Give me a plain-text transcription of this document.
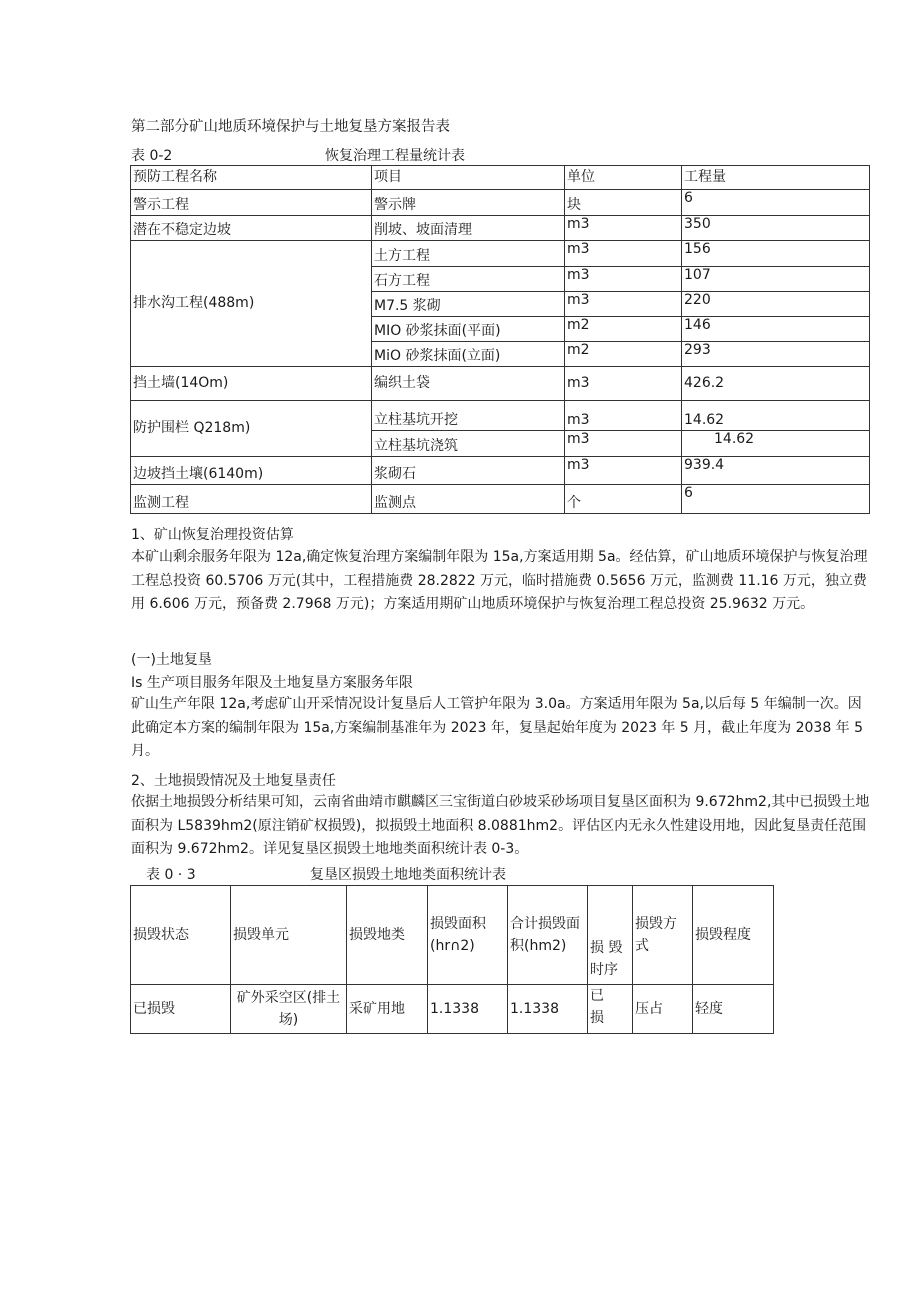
第二部分矿山地质环境保护与土地复垦方案报告表
表 0-2	恢复治理工程量统计表
预防工程名称	项目	单位	工程量
警示工程	警示牌	块	6
潜在不稳定边坡	削坡、坡面清理	m3	350
排水沟工程(488m)	土方工程	m3	156
	石方工程	m3	107
	M7.5 浆砌	m3	220
	MIO 砂浆抹面(平面)	m2	146
	MiO 砂浆抹面(立面)	m2	293
挡土墙(14Om)	编织土袋	m3	426.2
防护围栏 Q218m)	立柱基坑开挖	m3	14.62
	立柱基坑浇筑	m3	14.62
边坡挡土壤(6140m)	浆砌石	m3	939.4
监测工程	监测点	个	6
1、矿山恢复治理投资估算
本矿山剩余服务年限为 12a,确定恢复治理方案编制年限为 15a,方案适用期 5a。经估算，矿山地质环境保护与恢复治理工程总投资 60.5706 万元(其中，工程措施费 28.2822 万元，临时措施费 0.5656 万元，监测费 11.16 万元，独立费用 6.606 万元，预备费 2.7968 万元)；方案适用期矿山地质环境保护与恢复治理工程总投资 25.9632 万元。
(一)土地复垦
Is 生产项目服务年限及土地复垦方案服务年限
矿山生产年限 12a,考虑矿山开采情况设计复垦后人工管护年限为 3.0a。方案适用年限为 5a,以后每 5 年编制一次。因此确定本方案的编制年限为 15a,方案编制基准年为 2023 年，复垦起始年度为 2023 年 5 月，截止年度为 2038 年 5 月。
2、土地损毁情况及土地复垦责任
依据土地损毁分析结果可知，云南省曲靖市麒麟区三宝街道白砂坡采砂场项目复垦区面积为 9.672hm2,其中已损毁土地面积为 L5839hm2(原注销矿权损毁)，拟损毁土地面积 8.0881hm2。评估区内无永久性建设用地，因此复垦责任范围面积为 9.672hm2。详见复垦区损毁土地地类面积统计表 0-3。
表 0 · 3	复垦区损毁土地地类面积统计表
损毁状态	损毁单元	损毁地类	损毁面积(hr∩2)	合计损毁面积(hm2)	损 毁时序	损毁方式	损毁程度
已损毁	矿外采空区(排土场)	采矿用地	1.1338	1.1338	已损	压占	轻度
